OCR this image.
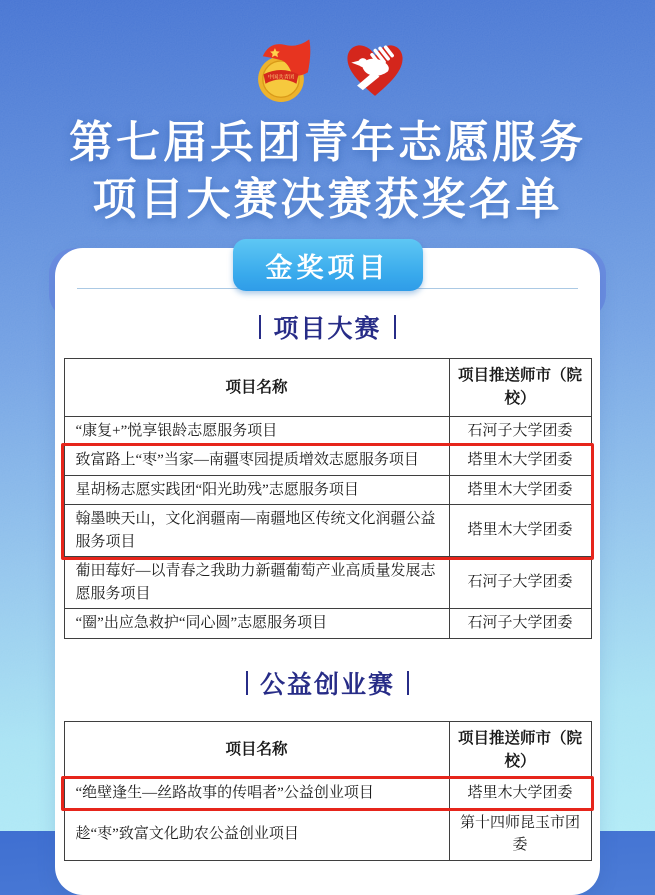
中国共青团
第七届兵团青年志愿服务
项目大赛决赛获奖名单
金奖项目
项目大赛
项目名称	项目推送师市（院校）
“康复+”悦享银龄志愿服务项目	石河子大学团委
致富路上“枣”当家—南疆枣园提质增效志愿服务项目	塔里木大学团委
星胡杨志愿实践团“阳光助残”志愿服务项目	塔里木大学团委
翰墨映天山，文化润疆南—南疆地区传统文化润疆公益服务项目	塔里木大学团委
葡田莓好—以青春之我助力新疆葡萄产业高质量发展志愿服务项目	石河子大学团委
“圈”出应急救护“同心圆”志愿服务项目	石河子大学团委
公益创业赛
项目名称	项目推送师市（院校）
“绝壁逢生—丝路故事的传唱者”公益创业项目	塔里木大学团委
趁“枣”致富文化助农公益创业项目	第十四师昆玉市团委
